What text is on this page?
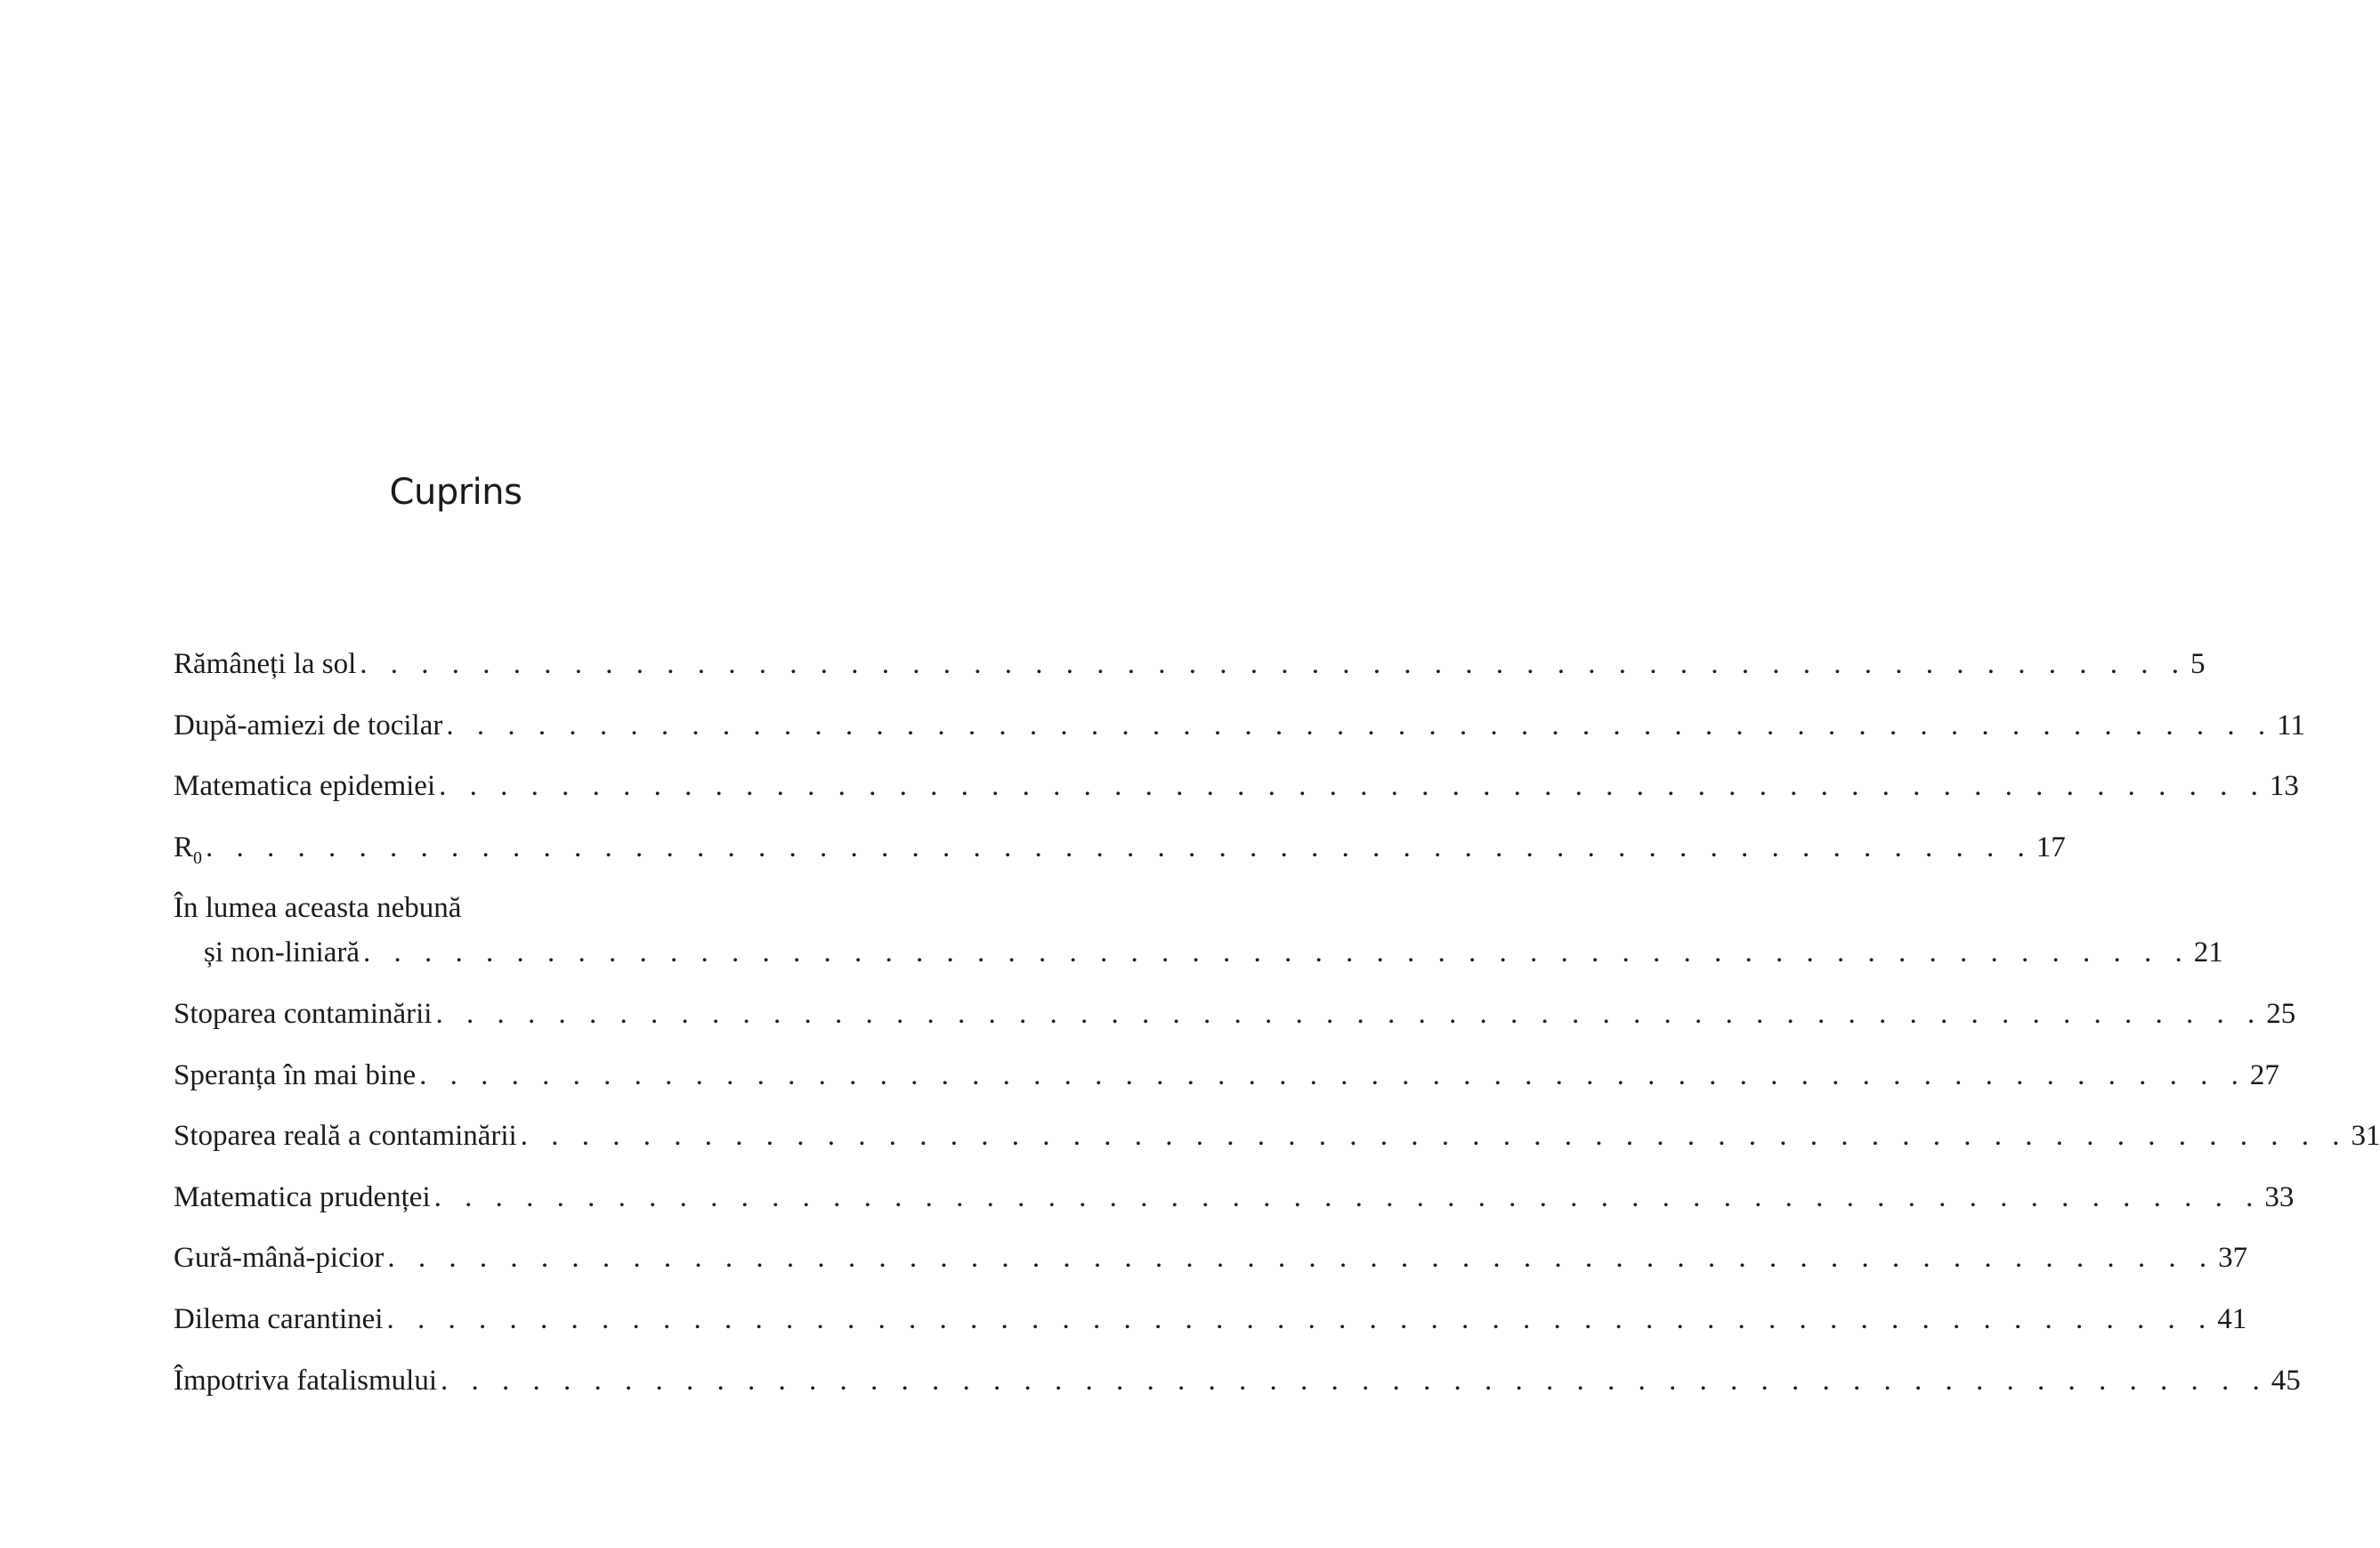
Cuprins
Rămâneți la sol . . . . . . . . . . . . . . . . . . . . . . . . . . . . . . . . . . . . . . . . . . . . . . . . . . . . . . . . . . . . 5
După-amiezi de tocilar . . . . . . . . . . . . . . . . . . . . . . . . . . . . . . . . . . . . . . . . . . . . . . . . . . . . . . . . . . . . 11
Matematica epidemiei . . . . . . . . . . . . . . . . . . . . . . . . . . . . . . . . . . . . . . . . . . . . . . . . . . . . . . . . . . . . 13
$R_0$ . . . . . . . . . . . . . . . . . . . . . . . . . . . . . . . . . . . . . . . . . . . . . . . . . . . . . . . . . . . . 17
În lumea aceasta nebună
și non-liniară . . . . . . . . . . . . . . . . . . . . . . . . . . . . . . . . . . . . . . . . . . . . . . . . . . . . . . . . . . . . 21
Stoparea contaminării . . . . . . . . . . . . . . . . . . . . . . . . . . . . . . . . . . . . . . . . . . . . . . . . . . . . . . . . . . . . 25
Speranța în mai bine . . . . . . . . . . . . . . . . . . . . . . . . . . . . . . . . . . . . . . . . . . . . . . . . . . . . . . . . . . . . 27
Stoparea reală a contaminării . . . . . . . . . . . . . . . . . . . . . . . . . . . . . . . . . . . . . . . . . . . . . . . . . . . . . . . . . . . . 31
Matematica prudenței . . . . . . . . . . . . . . . . . . . . . . . . . . . . . . . . . . . . . . . . . . . . . . . . . . . . . . . . . . . . 33
Gură-mână-picior . . . . . . . . . . . . . . . . . . . . . . . . . . . . . . . . . . . . . . . . . . . . . . . . . . . . . . . . . . . . 37
Dilema carantinei . . . . . . . . . . . . . . . . . . . . . . . . . . . . . . . . . . . . . . . . . . . . . . . . . . . . . . . . . . . . 41
Împotriva fatalismului . . . . . . . . . . . . . . . . . . . . . . . . . . . . . . . . . . . . . . . . . . . . . . . . . . . . . . . . . . . . 45
